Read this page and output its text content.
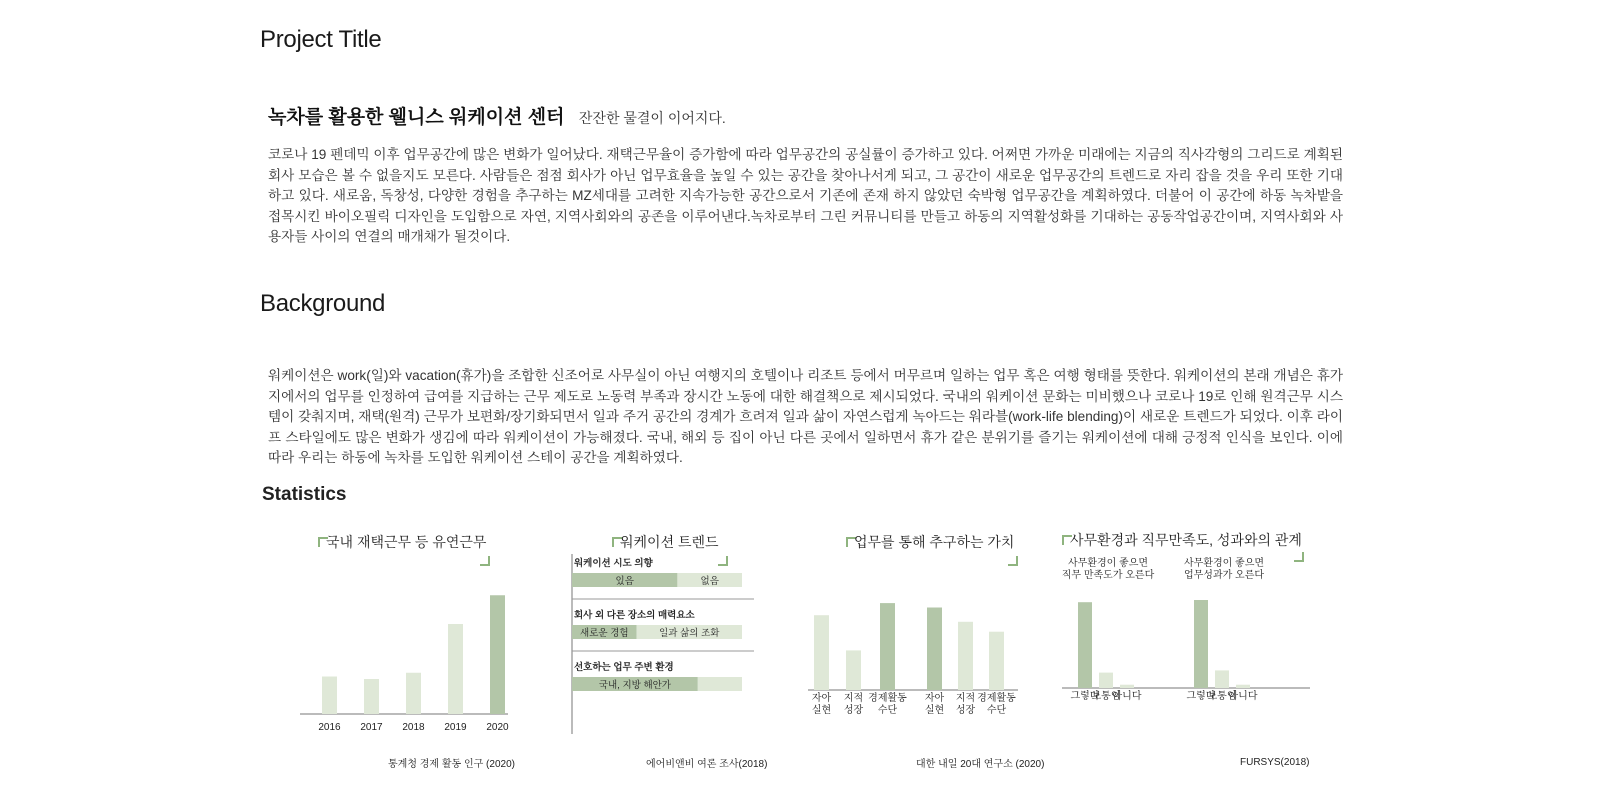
Project Title
녹차를 활용한 웰니스 워케이션 센터 잔잔한 물결이 이어지다.

코로나 19 펜데믹 이후 업무공간에 많은 변화가 일어났다. 재택근무율이 증가함에 따라 업무공간의 공실률이 증가하고 있다. 어쩌면 가까운 미래에는 지금의 직사각형의 그리드로 계획된 회사 모습은 볼 수 없을지도 모른다. 사람들은 점점 회사가 아닌 업무효율을 높일 수 있는 공간을 찾아나서게 되고, 그 공간이 새로운 업무공간의 트렌드로 자리 잡을 것을 우리 또한 기대하고 있다. 새로움, 독창성, 다양한 경험을 추구하는 MZ세대를 고려한 지속가능한 공간으로서 기존에 존재 하지 않았던 숙박형 업무공간을 계획하였다. 더불어 이 공간에 하동 녹차밭을 접목시킨 바이오필릭 디자인을 도입함으로 자연, 지역사회와의 공존을 이루어낸다.녹차로부터 그린 커뮤니티를 만들고 하동의 지역활성화를 기대하는 공동작업공간이며, 지역사회와 사용자들 사이의 연결의 매개채가 될것이다.

Background

워케이션은 work(일)와 vacation(휴가)을 조합한 신조어로 사무실이 아닌 여행지의 호텔이나 리조트 등에서 머무르며 일하는 업무 혹은 여행 형태를 뜻한다. 워케이션의 본래 개념은 휴가지에서의 업무를 인정하여 급여를 지급하는 근무 제도로 노동력 부족과 장시간 노동에 대한 해결책으로 제시되었다. 국내의 워케이션 문화는 미비했으나 코로나 19로 인해 원격근무 시스템이 갖춰지며, 재택(원격) 근무가 보편화/장기화되면서 일과 주거 공간의 경계가 흐려져 일과 삶이 자연스럽게 녹아드는 워라블(work-life blending)이 새로운 트렌드가 되었다. 이후 라이프 스타일에도 많은 변화가 생김에 따라 워케이션이 가능해졌다. 국내, 해외 등 집이 아닌 다른 곳에서 일하면서 휴가 같은 분위기를 즐기는 워케이션에 대해 긍정적 인식을 보인다. 이에 따라 우리는 하동에 녹차를 도입한 워케이션 스테이 공간을 계획하였다.

Statistics
국내 재택근무 등 유연근무
2016 2017 2018 2019 2020
통계청 경제 활동 인구 (2020)
워케이션 트렌드
워케이션 시도 의향
있음	없음
회사 외 다른 장소의 매력요소
새로운 경험	일과 삶의 조화
선호하는 업무 주변 환경
국내, 지방 해안가
에어비앤비 여론 조사(2018)
업무를 통해 추구하는 가치
자아
실현
지적
성장
경제활동
수단
자아
실현
지적
성장
경제활동
수단
대한 내일 20대 연구소 (2020)
사무환경과 직무만족도, 성과와의 관계
사무환경이 좋으면
직무 만족도가 오른다
그렇다
보통임
아니다
사무환경이 좋으면
업무성과가 오른다
그렇다
보통임
아니다
FURSYS(2018)
